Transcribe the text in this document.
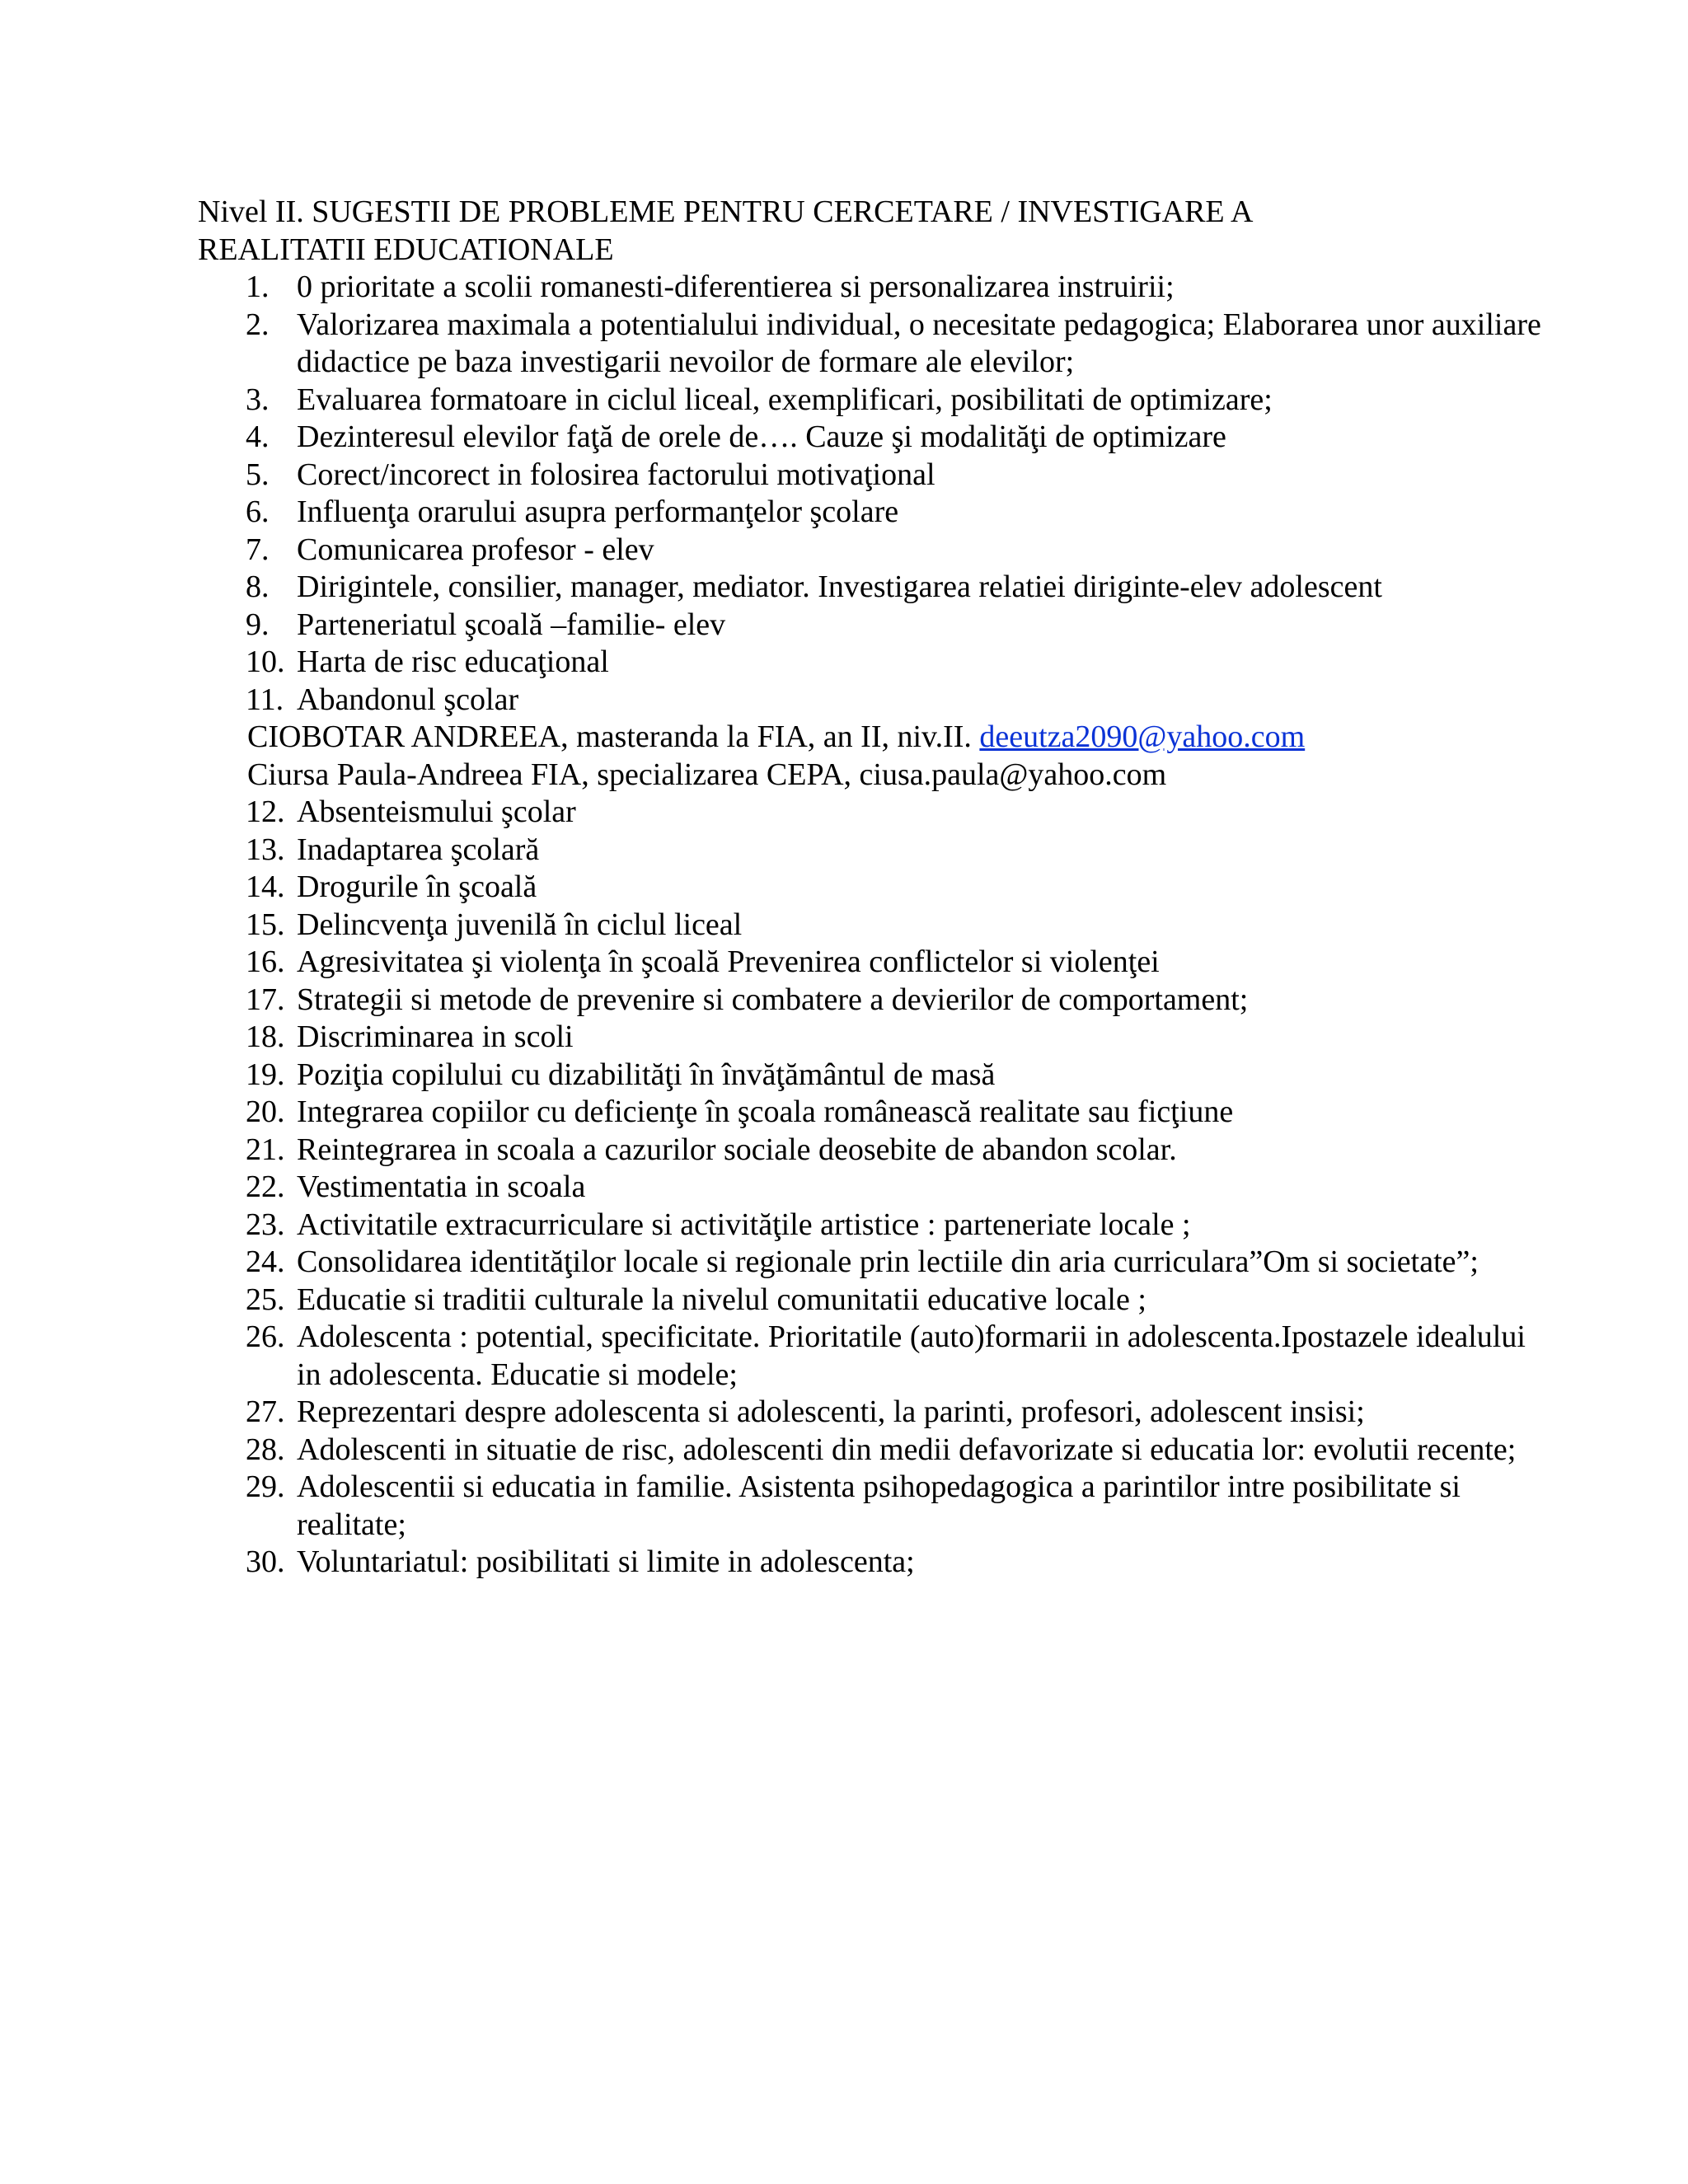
Nivel II. SUGESTII DE PROBLEME PENTRU CERCETARE / INVESTIGARE A
REALITATII EDUCATIONALE
1. 0 prioritate a scolii romanesti-diferentierea si personalizarea instruirii;
2. Valorizarea maximala a potentialului individual, o necesitate pedagogica; Elaborarea unor auxiliare didactice pe baza investigarii nevoilor de formare ale elevilor;
3. Evaluarea formatoare in ciclul liceal, exemplificari, posibilitati de optimizare;
4. Dezinteresul elevilor faţă de orele de…. Cauze şi modalităţi de optimizare
5. Corect/incorect in folosirea factorului motivaţional
6. Influenţa orarului asupra performanţelor şcolare
7. Comunicarea profesor - elev
8. Dirigintele, consilier, manager, mediator. Investigarea relatiei diriginte-elev adolescent
9. Parteneriatul şcoală –familie- elev
10. Harta de risc educaţional
11. Abandonul şcolar

CIOBOTAR ANDREEA, masteranda la FIA, an II, niv.II. deeutza2090@yahoo.com

Ciursa Paula-Andreea FIA, specializarea CEPA, ciusa.paula@yahoo.com

12. Absenteismului şcolar
13. Inadaptarea şcolară
14. Drogurile în şcoală
15. Delincvenţa juvenilă în ciclul liceal
16. Agresivitatea şi violenţa în şcoală Prevenirea conflictelor si violenţei
17. Strategii si metode de prevenire si combatere a devierilor de comportament;
18. Discriminarea in scoli
19. Poziţia copilului cu dizabilităţi în învăţământul de masă
20. Integrarea copiilor cu deficienţe în şcoala românească realitate sau ficţiune
21. Reintegrarea in scoala a cazurilor sociale deosebite de abandon scolar.
22. Vestimentatia in scoala
23. Activitatile extracurriculare si activităţile artistice : parteneriate locale ;
24. Consolidarea identităţilor locale si regionale prin lectiile din aria curriculara”Om si societate”;
25. Educatie si traditii culturale la nivelul comunitatii educative locale ;
26. Adolescenta : potential, specificitate. Prioritatile (auto)formarii in adolescenta.Ipostazele idealului in adolescenta. Educatie si modele;
27. Reprezentari despre adolescenta si adolescenti, la parinti, profesori, adolescent insisi;
28. Adolescenti in situatie de risc, adolescenti din medii defavorizate si educatia lor: evolutii recente;
29. Adolescentii si educatia in familie. Asistenta psihopedagogica a parintilor intre posibilitate si realitate;
30. Voluntariatul: posibilitati si limite in adolescenta;
